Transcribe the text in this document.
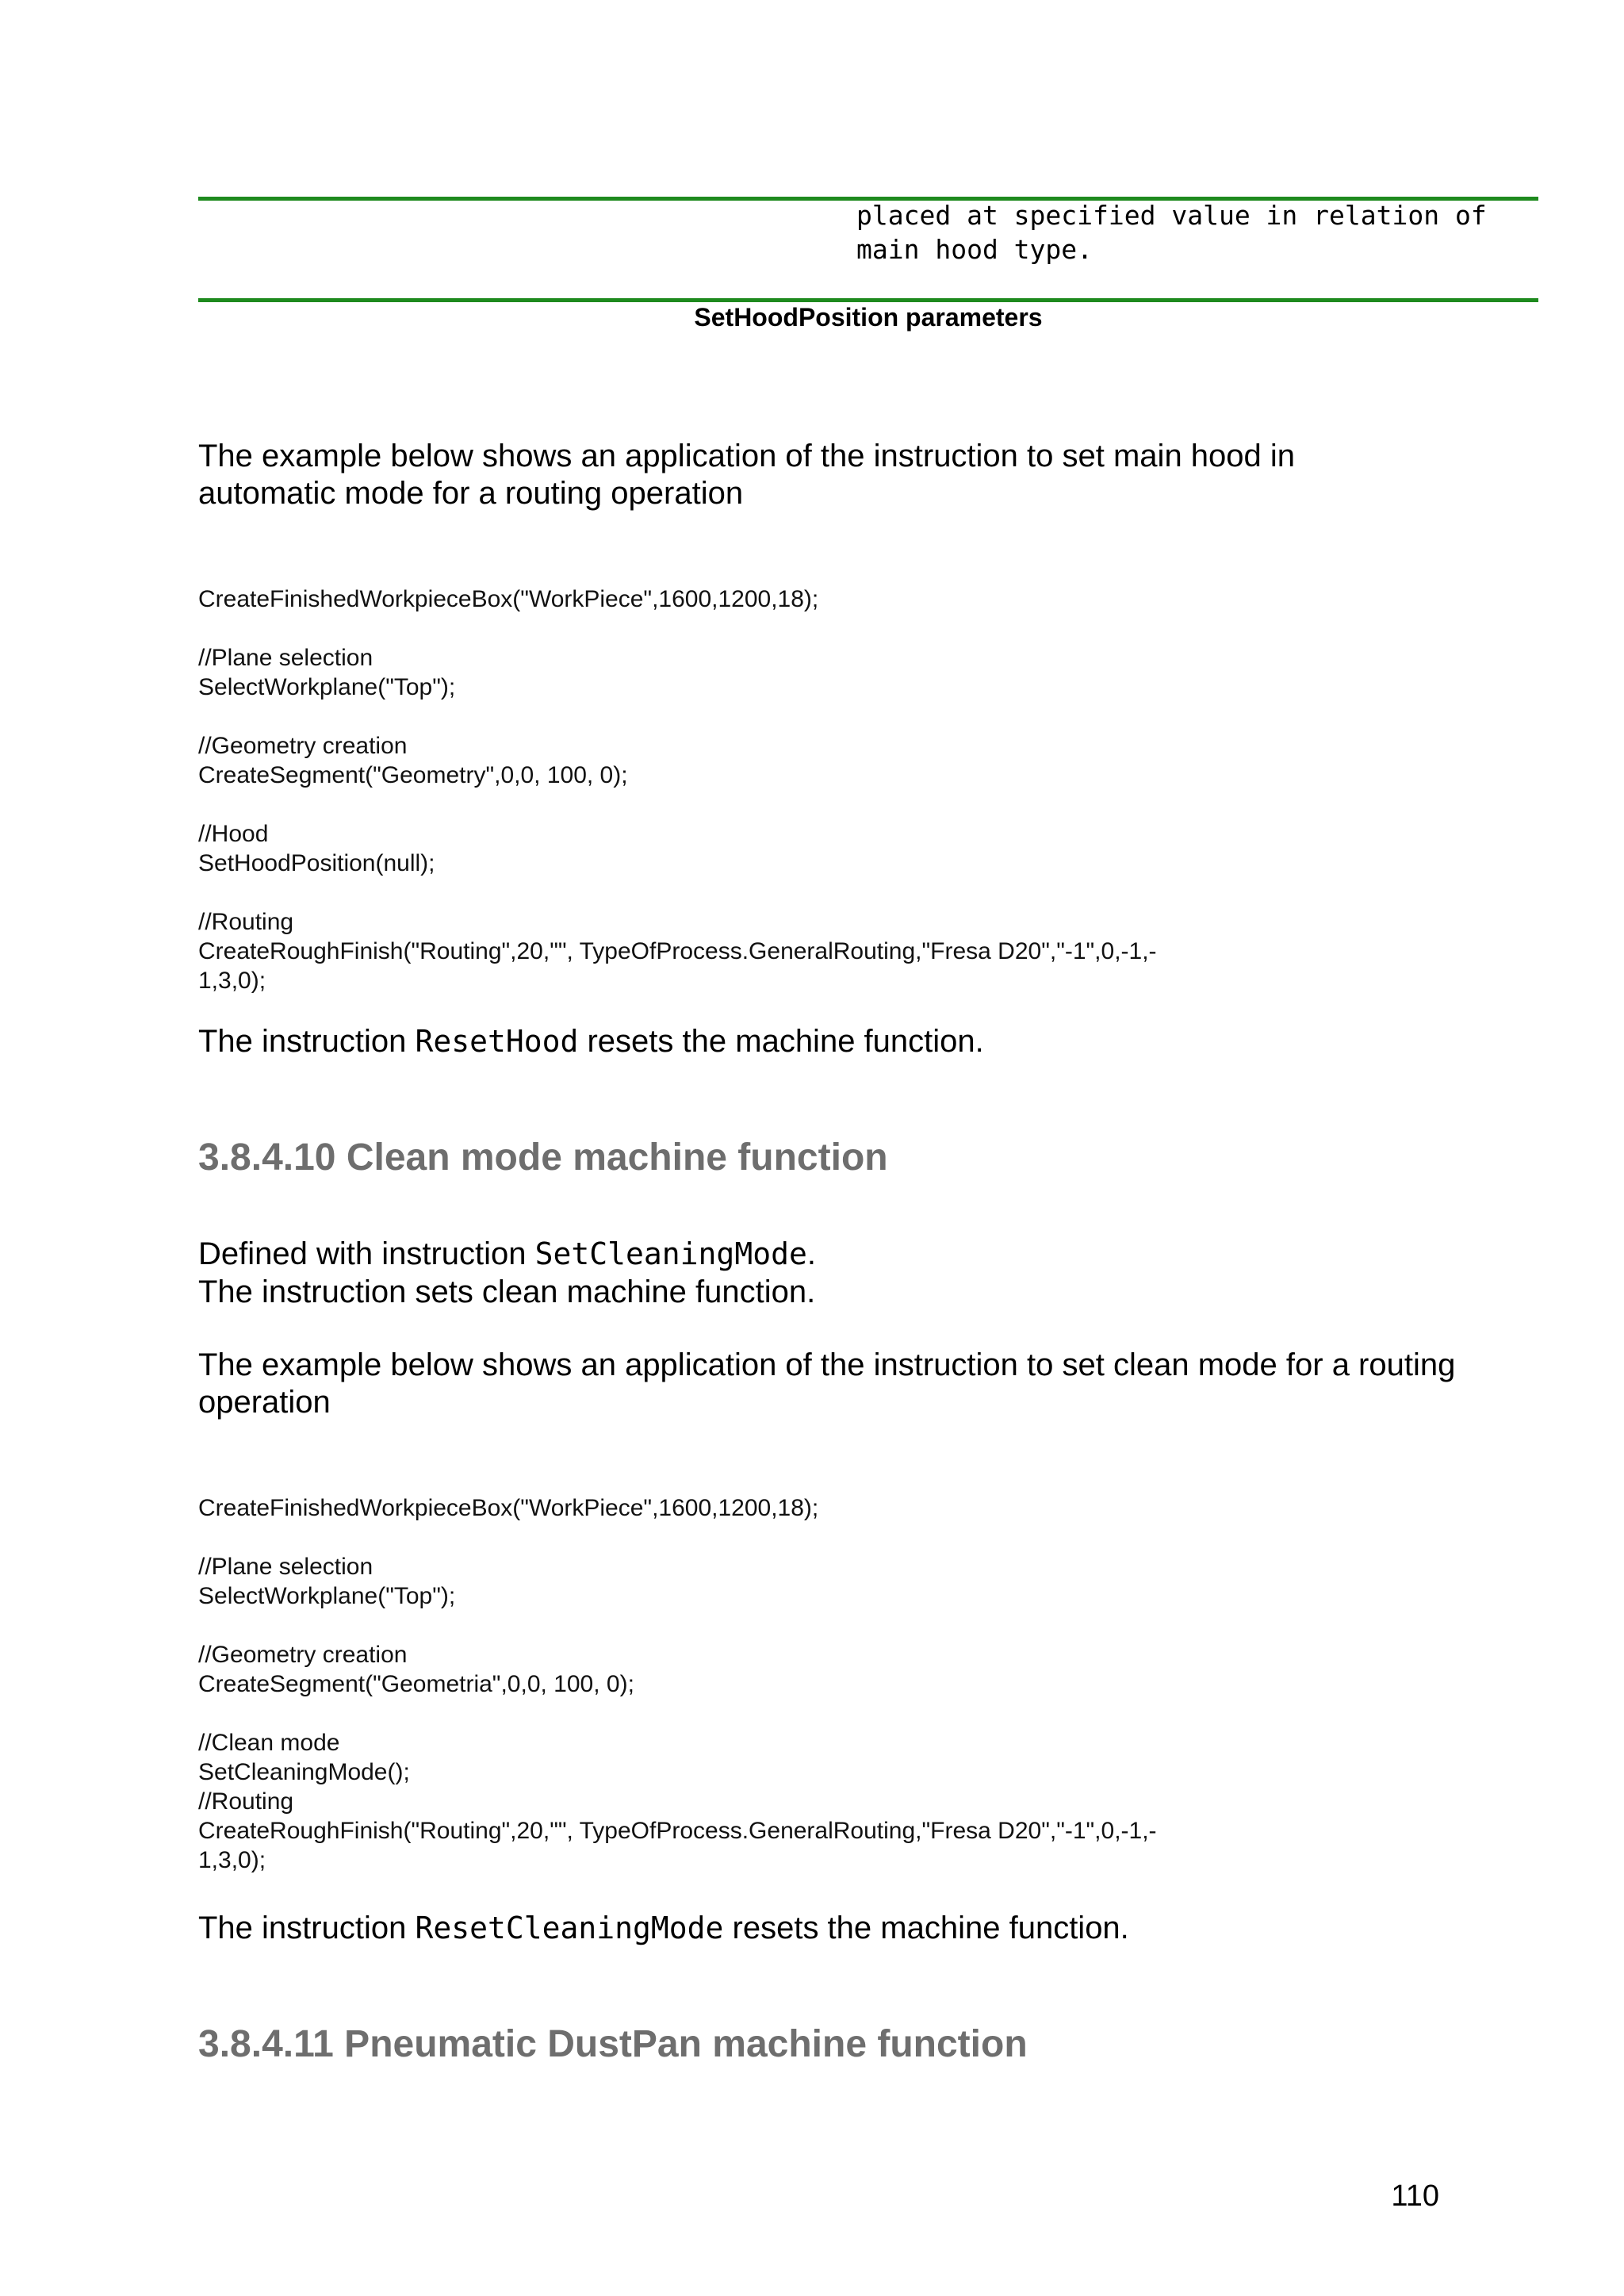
placed at specified value in relation of
main hood type.
SetHoodPosition parameters
The example below shows an application of the instruction to set main hood in automatic mode for a routing operation
CreateFinishedWorkpieceBox("WorkPiece",1600,1200,18);

//Plane selection
SelectWorkplane("Top");

//Geometry creation
CreateSegment("Geometry",0,0, 100, 0);

//Hood
SetHoodPosition(null);

//Routing
CreateRoughFinish("Routing",20,"", TypeOfProcess.GeneralRouting,"Fresa D20","-1",0,-1,-
1,3,0);
The instruction ResetHood resets the machine function.
3.8.4.10 Clean mode machine function
Defined with instruction SetCleaningMode.
The instruction sets clean machine function.
The example below shows an application of the instruction to set clean mode for a routing operation
CreateFinishedWorkpieceBox("WorkPiece",1600,1200,18);

//Plane selection
SelectWorkplane("Top");

//Geometry creation
CreateSegment("Geometria",0,0, 100, 0);

//Clean mode
SetCleaningMode();
//Routing
CreateRoughFinish("Routing",20,"", TypeOfProcess.GeneralRouting,"Fresa D20","-1",0,-1,-
1,3,0);
The instruction ResetCleaningMode resets the machine function.
3.8.4.11 Pneumatic DustPan machine function
110
